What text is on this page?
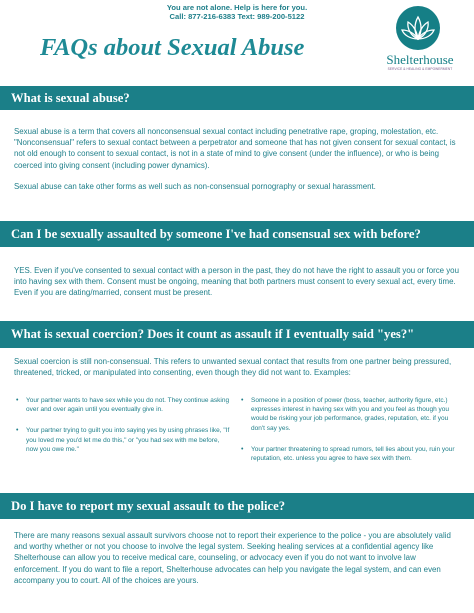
You are not alone. Help is here for you.
Call: 877-216-6383 Text: 989-200-5122
FAQs about Sexual Abuse	Shelterhouse
SERVICE & HEALING & EMPOWERMENT
What is sexual abuse?

Sexual abuse is a term that covers all nonconsensual sexual contact including penetrative rape, groping, molestation, etc. "Nonconsensual" refers to sexual contact between a perpetrator and someone that has not given consent for sexual contact, is not old enough to consent to sexual contact, is not in a state of mind to give consent (under the influence), or who is being coerced into giving consent (including power dynamics).

Sexual abuse can take other forms as well such as non-consensual pornography or sexual harassment.

Can I be sexually assaulted by someone I've had consensual sex with before?

YES. Even if you've consented to sexual contact with a person in the past, they do not have the right to assault you or force you into having sex with them. Consent must be ongoing, meaning that both partners must consent to every sexual act, every time. Even if you are dating/married, consent must be present.

What is sexual coercion? Does it count as assault if I eventually said "yes?"

Sexual coercion is still non-consensual. This refers to unwanted sexual contact that results from one partner being pressured, threatened, tricked, or manipulated into consenting, even though they did not want to. Examples:

• Your partner wants to have sex while you do not. They continue asking over and over again until you eventually give in.
• Your partner trying to guilt you into saying yes by using phrases like, "If you loved me you'd let me do this," or "you had sex with me before, now you owe me."
• Someone in a position of power (boss, teacher, authority figure, etc.) expresses interest in having sex with you and you feel as though you would be risking your job performance, grades, reputation, etc. if you don't say yes.
• Your partner threatening to spread rumors, tell lies about you, ruin your reputation, etc. unless you agree to have sex with them.
Do I have to report my sexual assault to the police?

There are many reasons sexual assault survivors choose not to report their experience to the police - you are absolutely valid and worthy whether or not you choose to involve the legal system. Seeking healing services at a confidential agency like Shelterhouse can allow you to receive medical care, counseling, or advocacy even if you do not want to involve law enforcement. If you do want to file a report, Shelterhouse advocates can help you navigate the legal system, and can even accompany you to court. All of the choices are yours.
